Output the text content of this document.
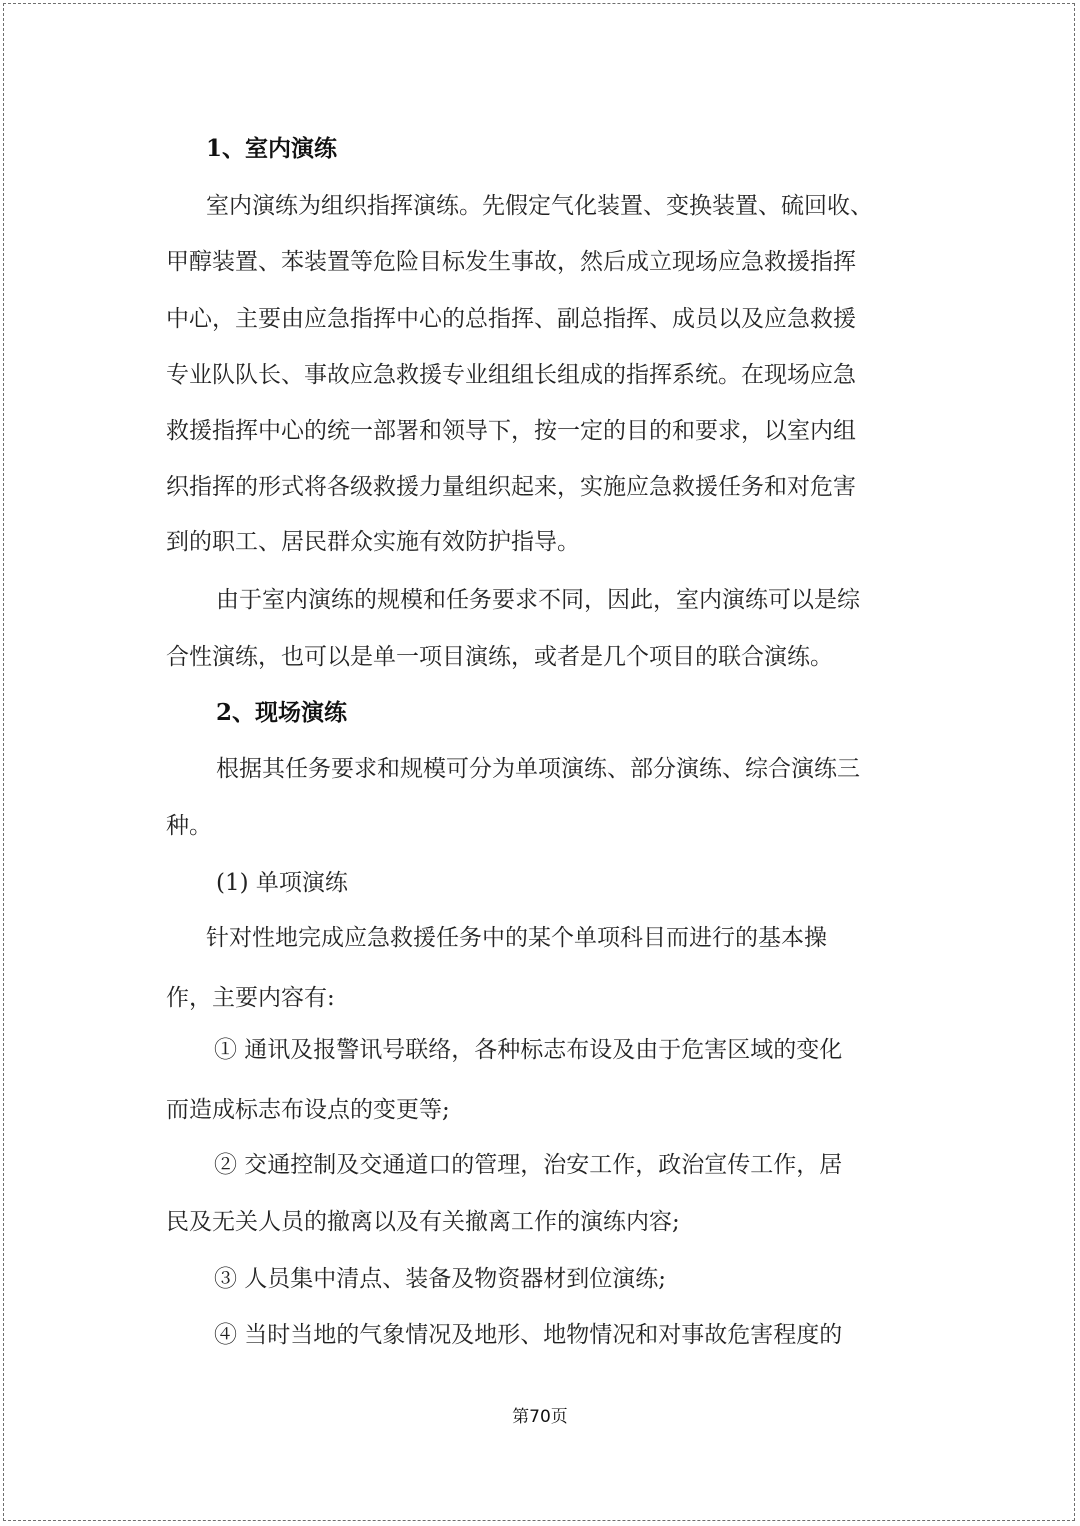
1、室内演练

室内演练为组织指挥演练。先假定气化装置、变换装置、硫回收、

甲醇装置、苯装置等危险目标发生事故，然后成立现场应急救援指挥

中心，主要由应急指挥中心的总指挥、副总指挥、成员以及应急救援

专业队队长、事故应急救援专业组组长组成的指挥系统。在现场应急

救援指挥中心的统一部署和领导下，按一定的目的和要求，以室内组

织指挥的形式将各级救援力量组织起来，实施应急救援任务和对危害

到的职工、居民群众实施有效防护指导。

由于室内演练的规模和任务要求不同，因此，室内演练可以是综

合性演练，也可以是单一项目演练，或者是几个项目的联合演练。

2、现场演练

根据其任务要求和规模可分为单项演练、部分演练、综合演练三

种。

(1) 单项演练

针对性地完成应急救援任务中的某个单项科目而进行的基本操

作，主要内容有:

① 通讯及报警讯号联络，各种标志布设及由于危害区域的变化

而造成标志布设点的变更等;

② 交通控制及交通道口的管理，治安工作，政治宣传工作，居

民及无关人员的撤离以及有关撤离工作的演练内容;

③ 人员集中清点、装备及物资器材到位演练;

④ 当时当地的气象情况及地形、地物情况和对事故危害程度的

第70页
